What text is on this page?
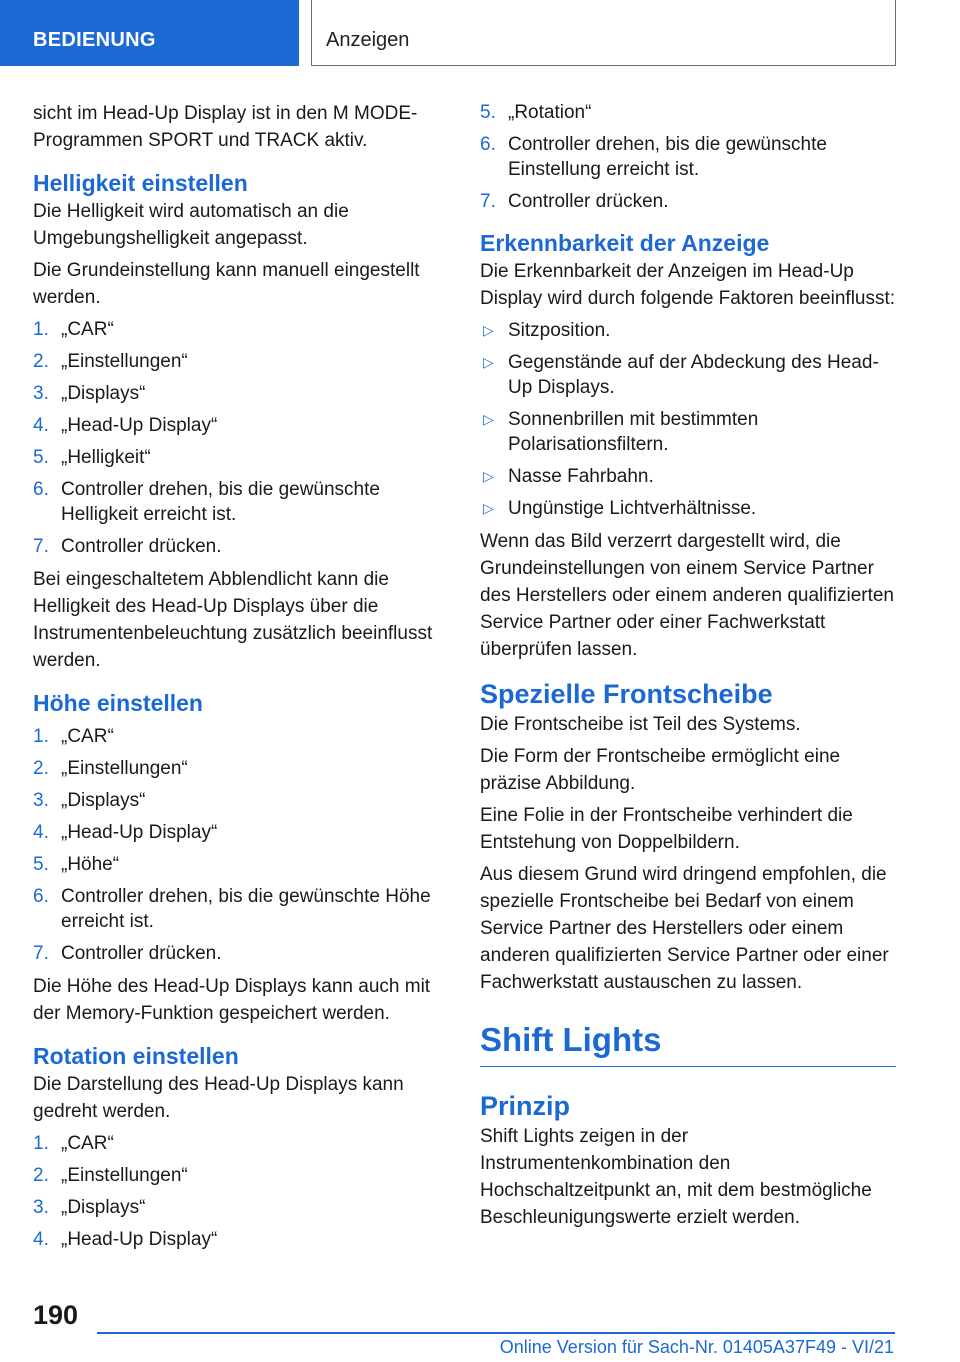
BEDIENUNG	Anzeigen

sicht im Head-Up Display ist in den M MODE-Programmen SPORT und TRACK aktiv.

Helligkeit einstellen

Die Helligkeit wird automatisch an die Umgebungshelligkeit angepasst.

Die Grundeinstellung kann manuell eingestellt werden.

1. „CAR“
2. „Einstellungen“
3. „Displays“
4. „Head-Up Display“
5. „Helligkeit“
6. Controller drehen, bis die gewünschte Helligkeit erreicht ist.
7. Controller drücken.

Bei eingeschaltetem Abblendlicht kann die Helligkeit des Head-Up Displays über die Instrumentenbeleuchtung zusätzlich beeinflusst werden.

Höhe einstellen
1. „CAR“
2. „Einstellungen“
3. „Displays“
4. „Head-Up Display“
5. „Höhe“
6. Controller drehen, bis die gewünschte Höhe erreicht ist.
7. Controller drücken.

Die Höhe des Head-Up Displays kann auch mit der Memory-Funktion gespeichert werden.

Rotation einstellen

Die Darstellung des Head-Up Displays kann gedreht werden.

1. „CAR“
2. „Einstellungen“
3. „Displays“
4. „Head-Up Display“
5. „Rotation“
6. Controller drehen, bis die gewünschte Einstellung erreicht ist.
7. Controller drücken.
Erkennbarkeit der Anzeige

Die Erkennbarkeit der Anzeigen im Head-Up Display wird durch folgende Faktoren beeinflusst:

▷ Sitzposition.
▷ Gegenstände auf der Abdeckung des Head-Up Displays.
▷ Sonnenbrillen mit bestimmten Polarisationsfiltern.
▷ Nasse Fahrbahn.
▷ Ungünstige Lichtverhältnisse.

Wenn das Bild verzerrt dargestellt wird, die Grundeinstellungen von einem Service Partner des Herstellers oder einem anderen qualifizierten Service Partner oder einer Fachwerkstatt überprüfen lassen.

Spezielle Frontscheibe

Die Frontscheibe ist Teil des Systems.

Die Form der Frontscheibe ermöglicht eine präzise Abbildung.

Eine Folie in der Frontscheibe verhindert die Entstehung von Doppelbildern.

Aus diesem Grund wird dringend empfohlen, die spezielle Frontscheibe bei Bedarf von einem Service Partner des Herstellers oder einem anderen qualifizierten Service Partner oder einer Fachwerkstatt austauschen zu lassen.

Shift Lights
Prinzip

Shift Lights zeigen in der Instrumentenkombination den Hochschaltzeitpunkt an, mit dem bestmögliche Beschleunigungswerte erzielt werden.

190
Online Version für Sach-Nr. 01405A37F49 - VI/21
